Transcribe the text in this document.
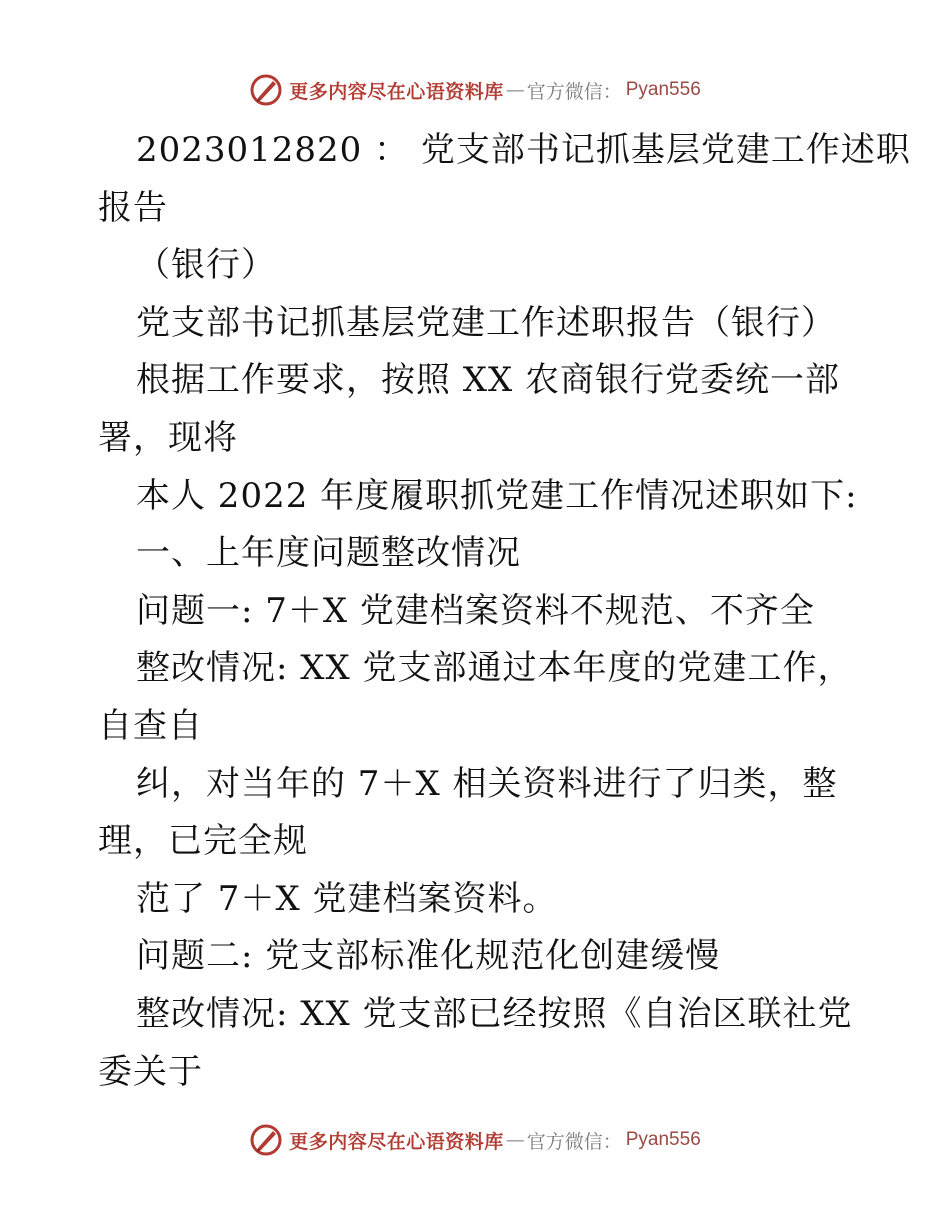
更多内容尽在心语资料库 — 官方微信： Pyan556
2023012820 ： 党支部书记抓基层党建工作述职
报告
（银行）
党支部书记抓基层党建工作述职报告（银行）
根据工作要求，按照 XX 农商银行党委统一部
署，现将
本人 2022 年度履职抓党建工作情况述职如下:
一、上年度问题整改情况
问题一: 7＋X 党建档案资料不规范、不齐全
整改情况: XX 党支部通过本年度的党建工作，
自查自
纠，对当年的 7＋X 相关资料进行了归类，整
理，已完全规
范了 7＋X 党建档案资料。
问题二: 党支部标准化规范化创建缓慢
整改情况: XX 党支部已经按照《自治区联社党
委关于
更多内容尽在心语资料库 — 官方微信： Pyan556
